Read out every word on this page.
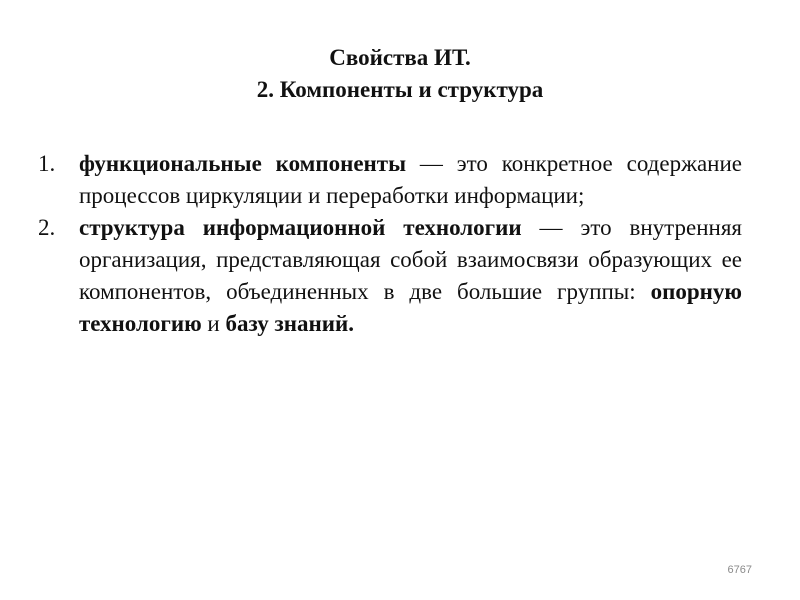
Свойства ИТ.
2. Компоненты и структура
1. функциональные компоненты — это конкретное содержание процессов циркуляции и переработки информации;
2. структура информационной технологии — это внутренняя организация, представляющая собой взаимосвязи образующих ее компонентов, объединенных в две большие группы: опорную технологию и базу знаний.
6767
